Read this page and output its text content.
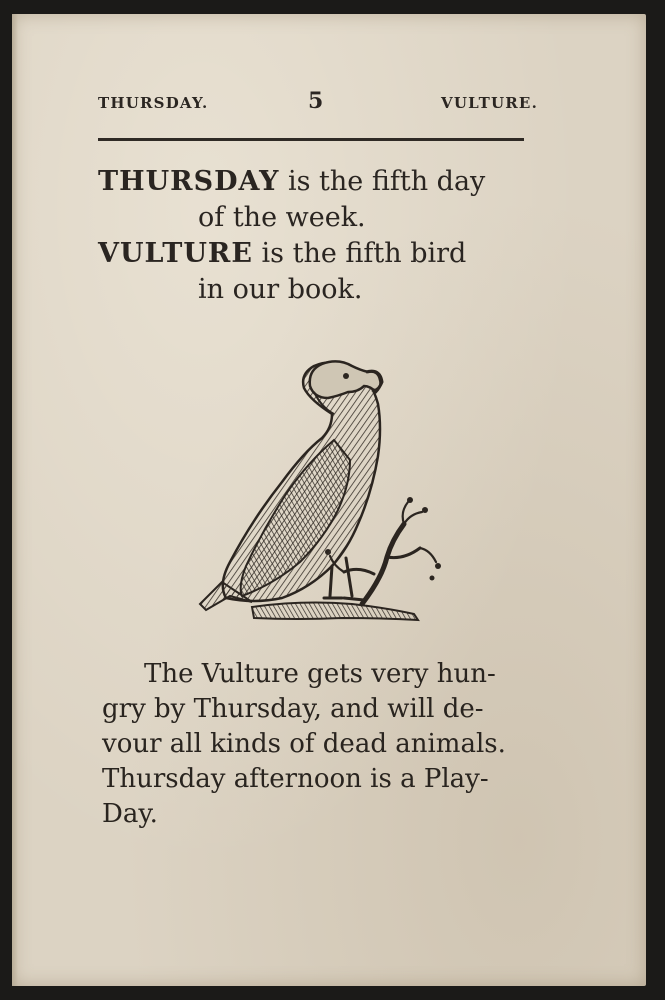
THURSDAY.	5	VULTURE.
THURSDAY is the fifth day
of the week.
VULTURE is the fifth bird
in our book.
The Vulture gets very hun-
gry by Thursday, and will de-
vour all kinds of dead animals.
Thursday afternoon is a Play-
Day.
